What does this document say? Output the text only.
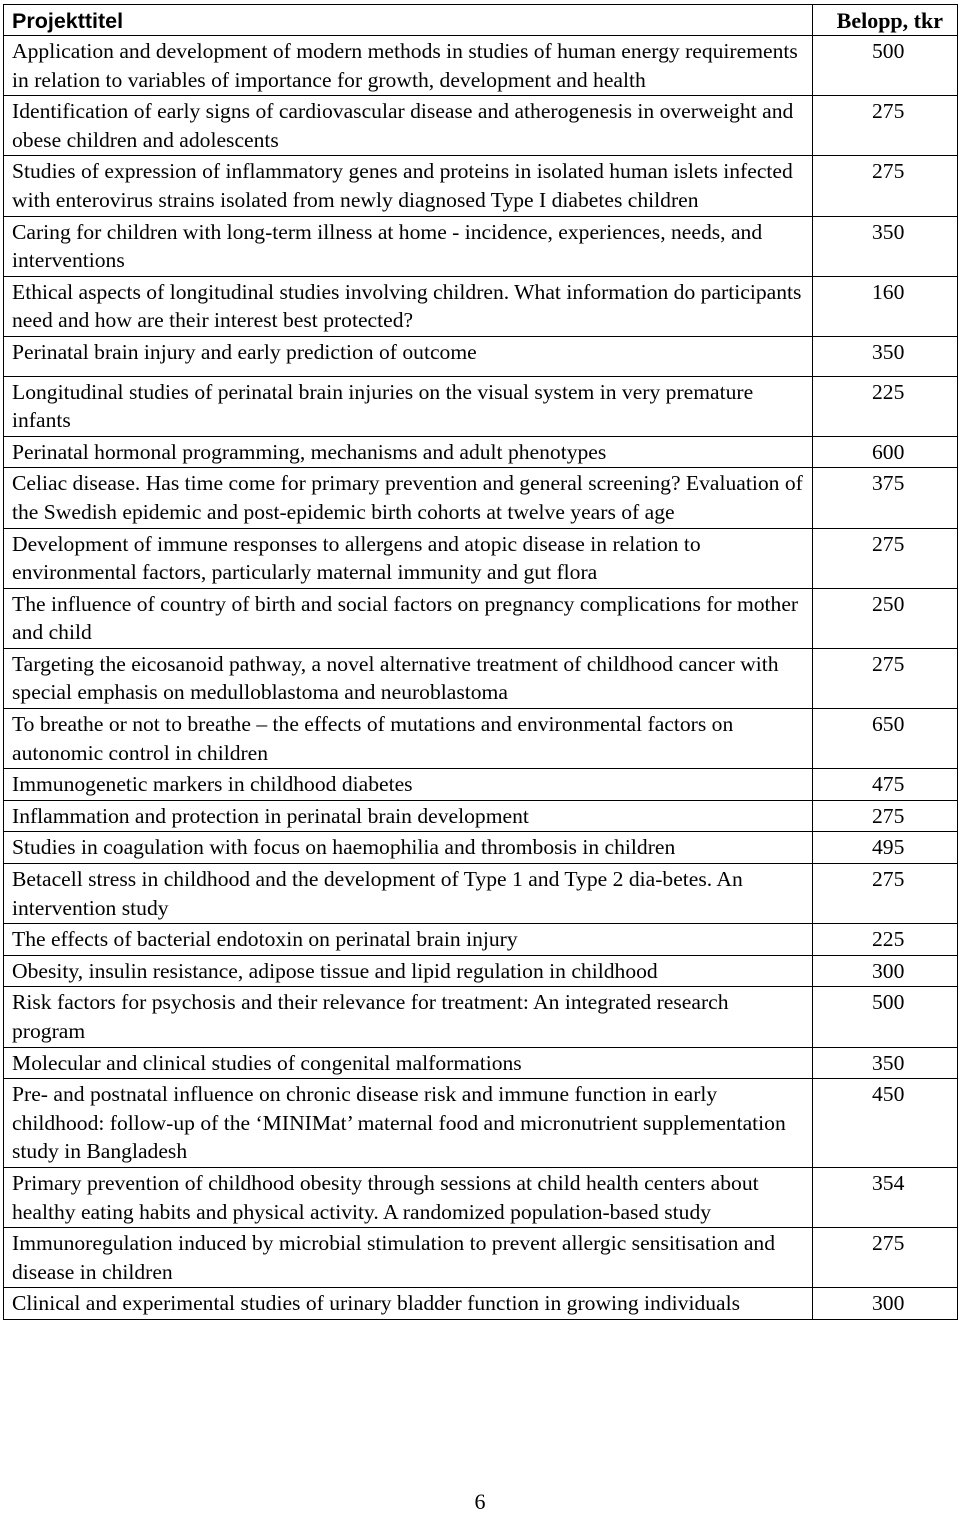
Projekttitel	Belopp, tkr
Application and development of modern methods in studies of human energy requirements in relation to variables of importance for growth, development and health	500
Identification of early signs of cardiovascular disease and atherogenesis in overweight and obese children and adolescents	275
Studies of expression of inflammatory genes and proteins in isolated human islets infected with enterovirus strains isolated from newly diagnosed Type I diabetes children	275
Caring for children with long-term illness at home - incidence, experiences, needs, and interventions	350
Ethical aspects of longitudinal studies involving children. What information do participants need and how are their interest best protected?	160
Perinatal brain injury and early prediction of outcome	350
Longitudinal studies of perinatal brain injuries on the visual system in very premature infants	225
Perinatal hormonal programming, mechanisms and adult phenotypes	600
Celiac disease. Has time come for primary prevention and general screening? Evaluation of the Swedish epidemic and post-epidemic birth cohorts at twelve years of age	375
Development of immune responses to allergens and atopic disease in relation to environmental factors, particularly maternal immunity and gut flora	275
The influence of country of birth and social factors on pregnancy complications for mother and child	250
Targeting the eicosanoid pathway, a novel alternative treatment of childhood cancer with special emphasis on medulloblastoma and neuroblastoma	275
To breathe or not to breathe – the effects of mutations and environmental factors on autonomic control in children	650
Immunogenetic markers in childhood diabetes	475
Inflammation and protection in perinatal brain development	275
Studies in coagulation with focus on haemophilia and thrombosis in children	495
Betacell stress in childhood and the development of Type 1 and Type 2 dia-betes. An intervention study	275
The effects of bacterial endotoxin on perinatal brain injury	225
Obesity, insulin resistance, adipose tissue and lipid regulation in childhood	300
Risk factors for psychosis and their relevance for treatment: An integrated research program	500
Molecular and clinical studies of congenital malformations	350
Pre- and postnatal influence on chronic disease risk and immune function in early childhood: follow-up of the ‘MINIMat’ maternal food and micronutrient supplementation study in Bangladesh	450
Primary prevention of childhood obesity through sessions at child health centers about healthy eating habits and physical activity. A randomized population-based study	354
Immunoregulation induced by microbial stimulation to prevent allergic sensitisation and disease in children	275
Clinical and experimental studies of urinary bladder function in growing individuals	300
6
